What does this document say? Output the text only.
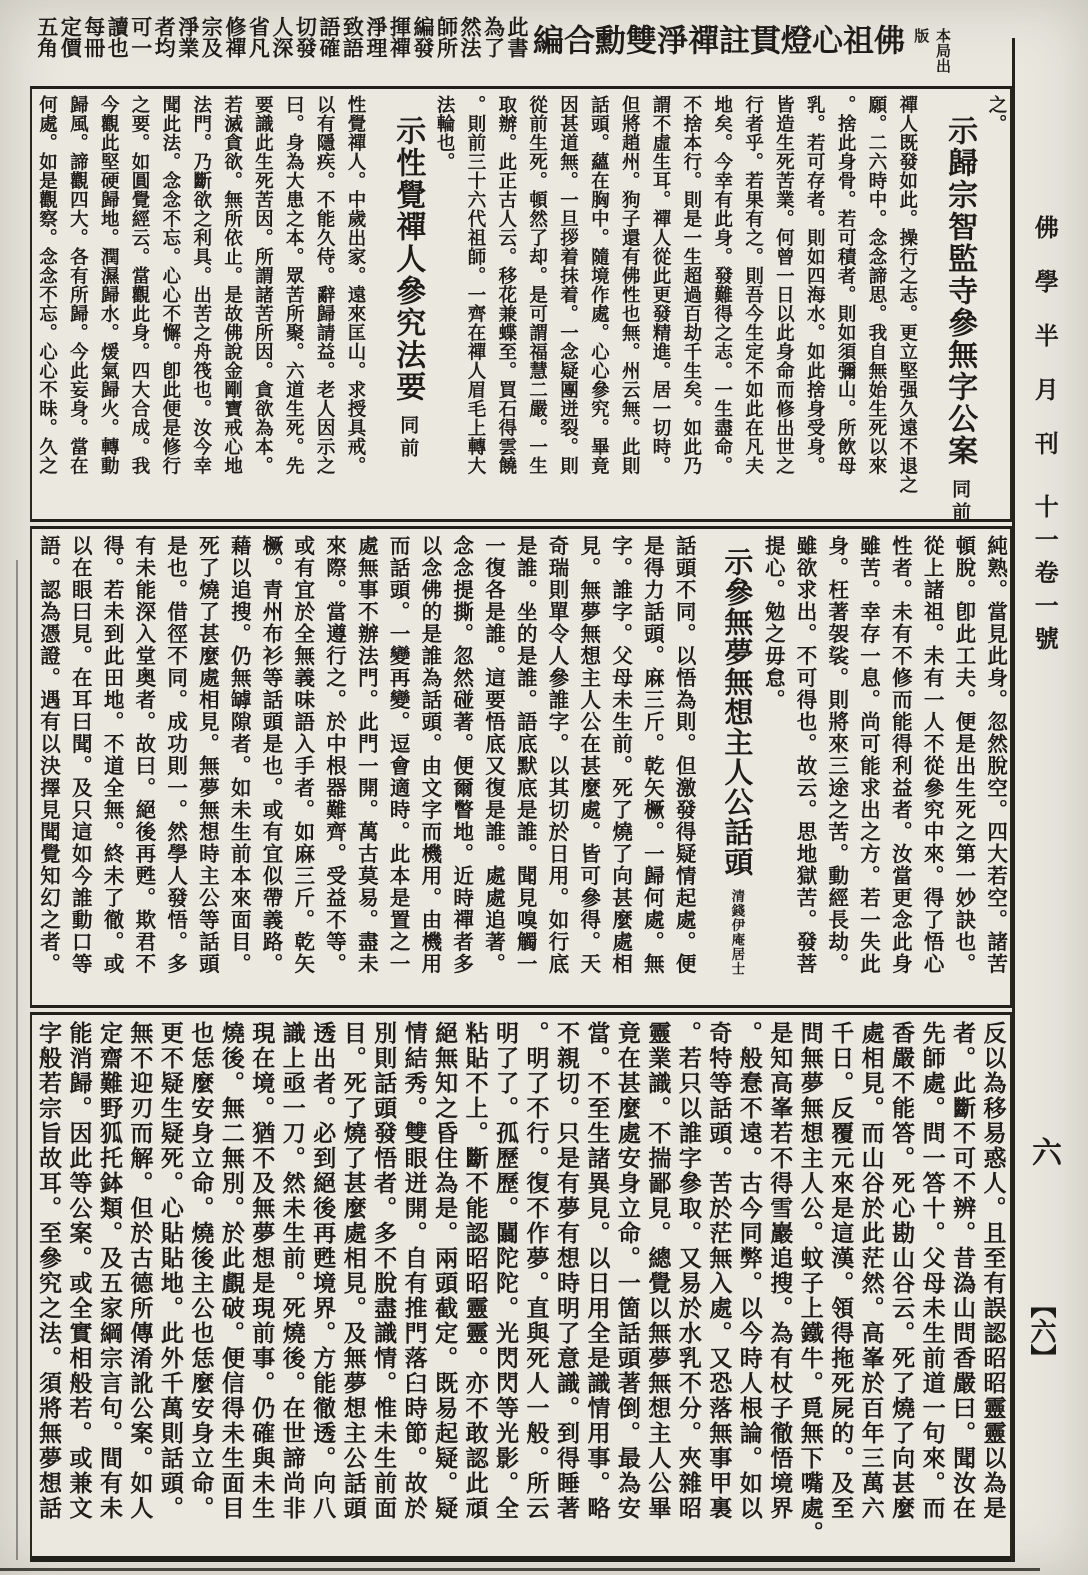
此書為了然法師所編發揮禪淨理致語語確切發人深省凡修禪宗及淨業者均可一讀也每冊定價五角	佛祖心燈貫註禪淨雙勳合編	本局出版
佛學半月刊
十一卷一號
六
【六】
之。
示歸宗智監寺參無字公案同前
禪人既發如此。操行之志。更立堅强久遠不退之
願。二六時中。念念諦思。我自無始生死以來
。捨此身骨。若可積者。則如須彌山。所飲母
乳。若可存者。則如四海水。如此捨身受身。
皆造生死苦業。何曾一日以此身命而修出世之
行者乎。若果有之。則吾今生定不如此在凡夫
地矣。今幸有此身。發難得之志。一生盡命。
不捨本行。則是一生超過百劫千生矣。如此乃
謂不虛生耳。禪人從此更發精進。居一切時。
但將趙州。狗子還有佛性也無。州云無。此則
話頭。蘊在胸中。隨境作處。心心參究。畢竟
因甚道無。一旦拶着抹着。一念疑團迸裂。則
從前生死。頓然了却。是可謂福慧二嚴。一生
取辦。此正古人云。移花兼蝶至。買石得雲饒
。則前三十六代祖師。一齊在禪人眉毛上轉大
法輪也。
示性覺禪人參究法要同前
性覺禪人。中歲出家。遠來匡山。求授具戒。
以有隱疾。不能久侍。辭歸請益。老人因示之
曰。身為大患之本。眾苦所聚。六道生死。先
要識此生死苦因。所謂諸苦所因。貪欲為本。
若滅貪欲。無所依止。是故佛說金剛寶戒心地
法門。乃斷欲之利具。出苦之舟筏也。汝今幸
聞此法。念念不忘。心心不懈。卽此便是修行
之要。如圓覺經云。當觀此身。四大合成。我
今觀此堅硬歸地。潤濕歸水。煖氣歸火。轉動
歸風。諦觀四大。各有所歸。今此妄身。當在
何處。如是觀察。念念不忘。心心不昧。久之
純熟。當見此身。忽然脫空。四大若空。諸苦
頓脫。卽此工夫。便是出生死之第一妙訣也。
從上諸祖。未有一人不從參究中來。得了悟心
性者。未有不修而能得利益者。汝當更念此身
雖苦。幸存一息。尚可能求出之方。若一失此
身。枉著袈裟。則將來三途之苦。動經長劫。
雖欲求出。不可得也。故云。思地獄苦。發菩
提心。勉之毋怠。
示參無夢無想主人公話頭清錢伊庵居士
話頭不同。以悟為則。但激發得疑情起處。便
是得力話頭。麻三斤。乾矢橛。一歸何處。無
字。誰字。父母未生前。死了燒了向甚麼處相
見。無夢無想主人公在甚麼處。皆可參得。天
奇瑞則單令人參誰字。以其切於日用。如行底
是誰。坐的是誰。語底默底是誰。聞見嗅觸一
一復各是誰。這要悟底又復是誰。處處追著。
念念提撕。忽然碰著。便爾瞥地。近時禪者多
以念佛的是誰為話頭。由文字而機用。由機用
而話頭。一變再變。逗會適時。此本是置之一
處無事不辦法門。此門一開。萬古莫易。盡未
來際。當遵行之。於中根器難齊。受益不等。
或有宜於全無義味語入手者。如麻三斤。乾矢
橛。青州布衫等話頭是也。或有宜似帶義路。
藉以追搜。仍無罅隙者。如未生前本來面目。
死了燒了甚麼處相見。無夢無想時主公等話頭
是也。借徑不同。成功則一。然學人發悟。多
有未能深入堂奥者。故曰。絕後再甦。欺君不
得。若未到此田地。不道全無。終未了徹。或
以在眼曰見。在耳曰聞。及只這如今誰動口等
語。認為憑證。遇有以決擇見聞覺知幻之者。
反以為移易惑人。且至有誤認昭昭靈靈以為是
者。此斷不可不辨。昔溈山問香嚴曰。聞汝在
先師處。問一答十。父母未生前道一句來。而
香嚴不能答。死心勘山谷云。死了燒了向甚麼
處相見。而山谷於此茫然。高峯於百年三萬六
千日。反覆元來是這漢。領得拖死屍的。及至
問無夢無想主人公。蚊子上鐵牛。覓無下嘴處。
是知高峯若不得雪巖追搜。為有杖子徹悟境界
。般惷不遠。古今同弊。以今時人根論。如以
奇特等話頭。苦於茫無入處。又恐落無事甲裏
。若只以誰字參取。又易於水乳不分。夾雜昭
靈業識。不揣鄙見。總覺以無夢無想主人公畢
竟在甚麼處安身立命。一箇話頭著倒。最為安
當。不至生諸異見。以日用全是識情用事。略
不親切。只是有夢有想時明了意識。到得睡著
。明了不行。復不作夢。直與死人一般。所云
明了了。孤歷歷。闒陀陀。光閃閃等光影。全
粘貼不上。斷不能認昭昭靈靈。亦不敢認此頑
絕無知之昏住為是。兩頭截定。既易起疑。疑
情結秀。雙眼迸開。自有推門落臼時節。故於
別則話頭發悟者。多不脫盡識情。惟未生前面
目。死了燒了甚麼處相見。及無夢想主公話頭
透出者。必到絕後再甦境界。方能徹透。向八
識上亟一刀。然未生前。死燒後。在世諦尚非
現在境。猶不及無夢想是現前事。仍確與未生
燒後。無二無別。於此覰破。便信得未生面目
也恁麼安身立命。燒後主公也恁麼安身立命。
更不疑生疑死。心貼貼地。此外千萬則話頭。
無不迎刃而解。但於古德所傳淆訛公案。如人
定齋難野狐托鉢類。及五家綱宗言句。間有未
能消歸。因此等公案。或全實相般若。或兼文
字般若宗旨故耳。至參究之法。須將無夢想話
